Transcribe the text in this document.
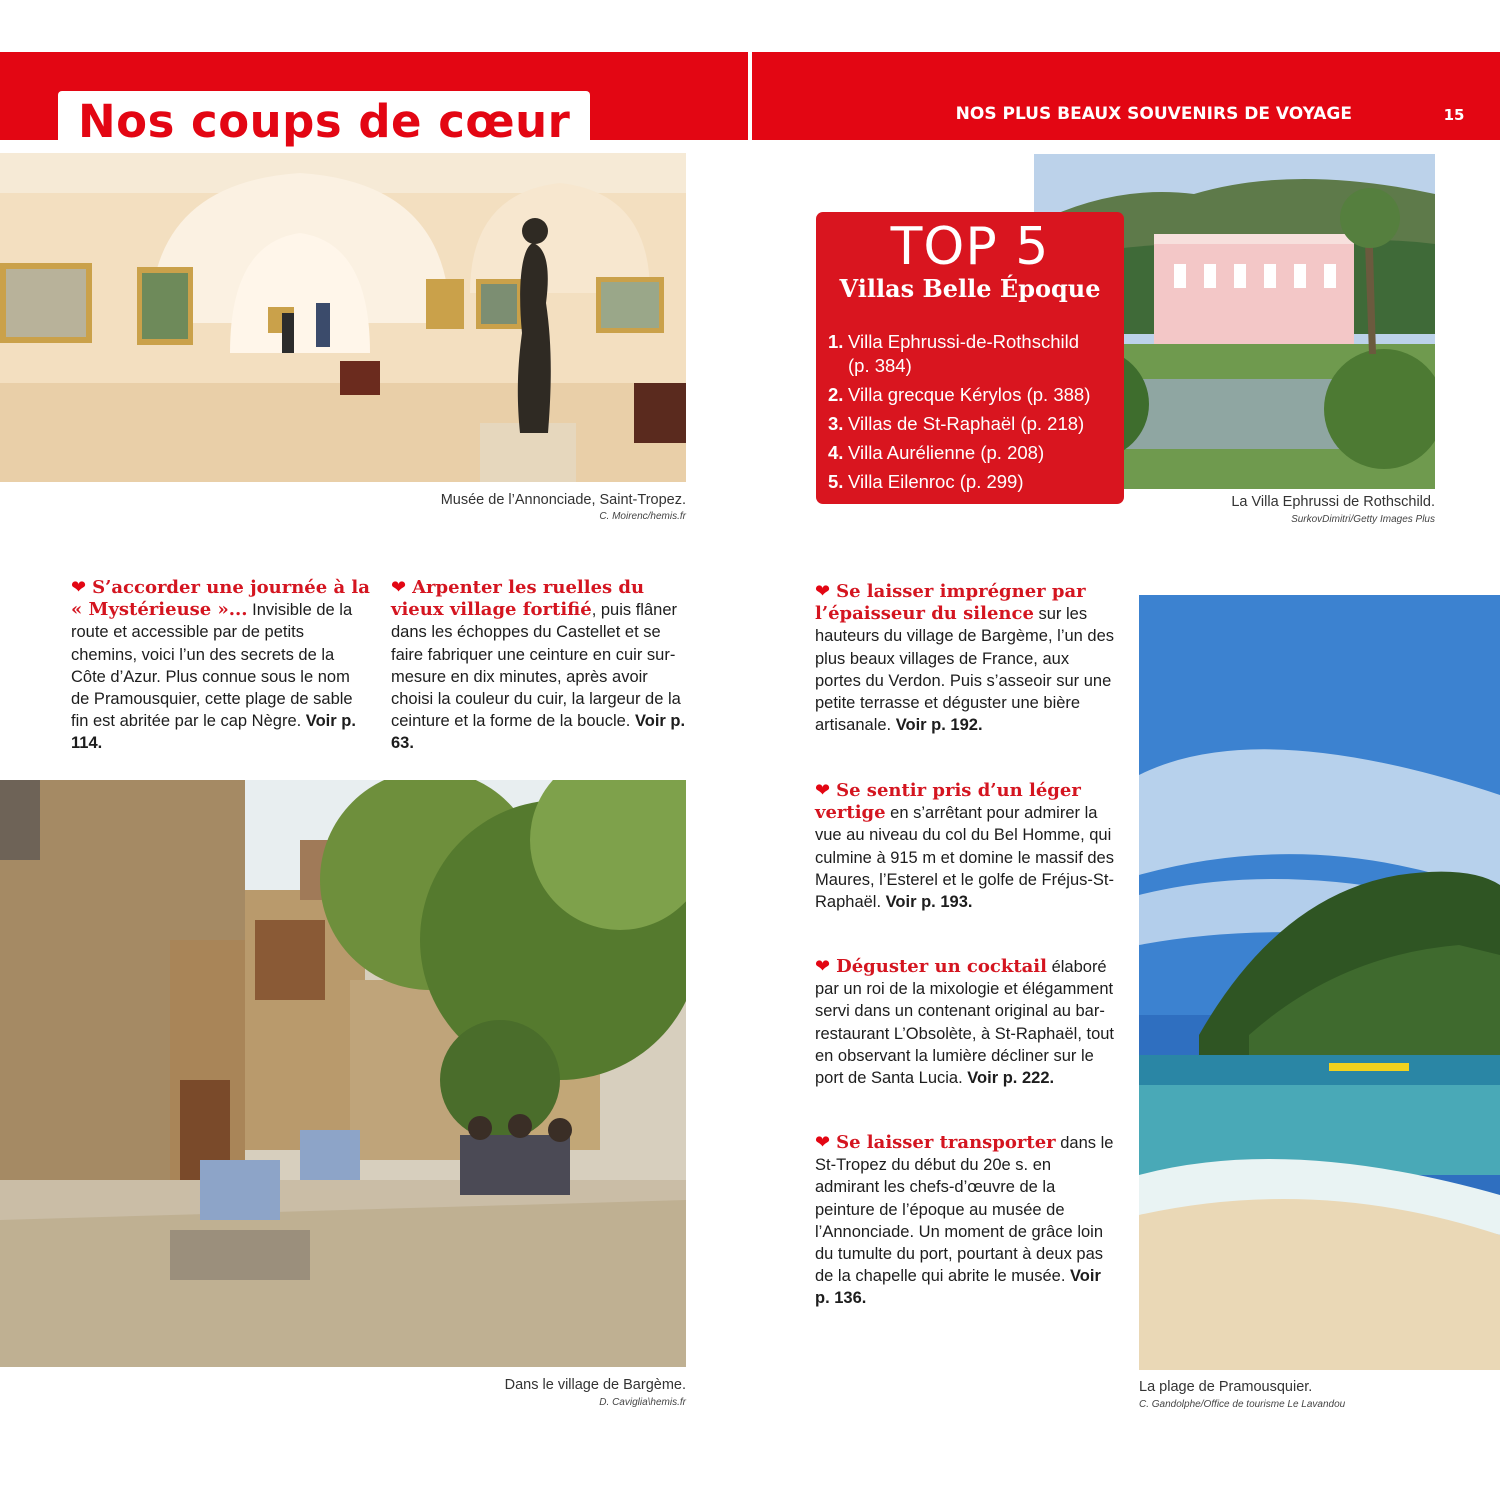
Nos coups de cœur	NOS PLUS BEAUX SOUVENIRS DE VOYAGE	15
Musée de l’Annonciade, Saint-Tropez.
C. Moirenc/hemis.fr
La Villa Ephrussi de Rothschild.
SurkovDimitri/Getty Images Plus
TOP 5
Villas Belle Époque
1. Villa Ephrussi-de-Rothschild
(p. 384)
2. Villa grecque Kérylos (p. 388)
3. Villas de St-Raphaël (p. 218)
4. Villa Aurélienne (p. 208)
5. Villa Eilenroc (p. 299)
❤ S’accorder une journée à la « Mystérieuse »... Invisible de la route et accessible par de petits chemins, voici l’un des secrets de la Côte d’Azur. Plus connue sous le nom de Pramousquier, cette plage de sable fin est abritée par le cap Nègre. Voir p. 114.
❤ Arpenter les ruelles du vieux village fortifié, puis flâner dans les échoppes du Castellet et se faire fabriquer une ceinture en cuir sur-mesure en dix minutes, après avoir choisi la couleur du cuir, la largeur de la ceinture et la forme de la boucle. Voir p. 63.
❤ Se laisser imprégner par l’épaisseur du silence sur les hauteurs du village de Bargème, l’un des plus beaux villages de France, aux portes du Verdon. Puis s’asseoir sur une petite terrasse et déguster une bière artisanale. Voir p. 192.
❤ Se sentir pris d’un léger vertige en s’arrêtant pour admirer la vue au niveau du col du Bel Homme, qui culmine à 915 m et domine le massif des Maures, l’Esterel et le golfe de Fréjus-St-Raphaël. Voir p. 193.
❤ Déguster un cocktail élaboré par un roi de la mixologie et élégamment servi dans un contenant original au bar-restaurant L’Obsolète, à St-Raphaël, tout en observant la lumière décliner sur le port de Santa Lucia. Voir p. 222.
❤ Se laisser transporter dans le St-Tropez du début du 20e s. en admirant les chefs-d’œuvre de la peinture de l’époque au musée de l’Annonciade. Un moment de grâce loin du tumulte du port, pourtant à deux pas de la chapelle qui abrite le musée. Voir p. 136.
Dans le village de Bargème.
D. Caviglia\hemis.fr
La plage de Pramousquier.
C. Gandolphe/Office de tourisme Le Lavandou
